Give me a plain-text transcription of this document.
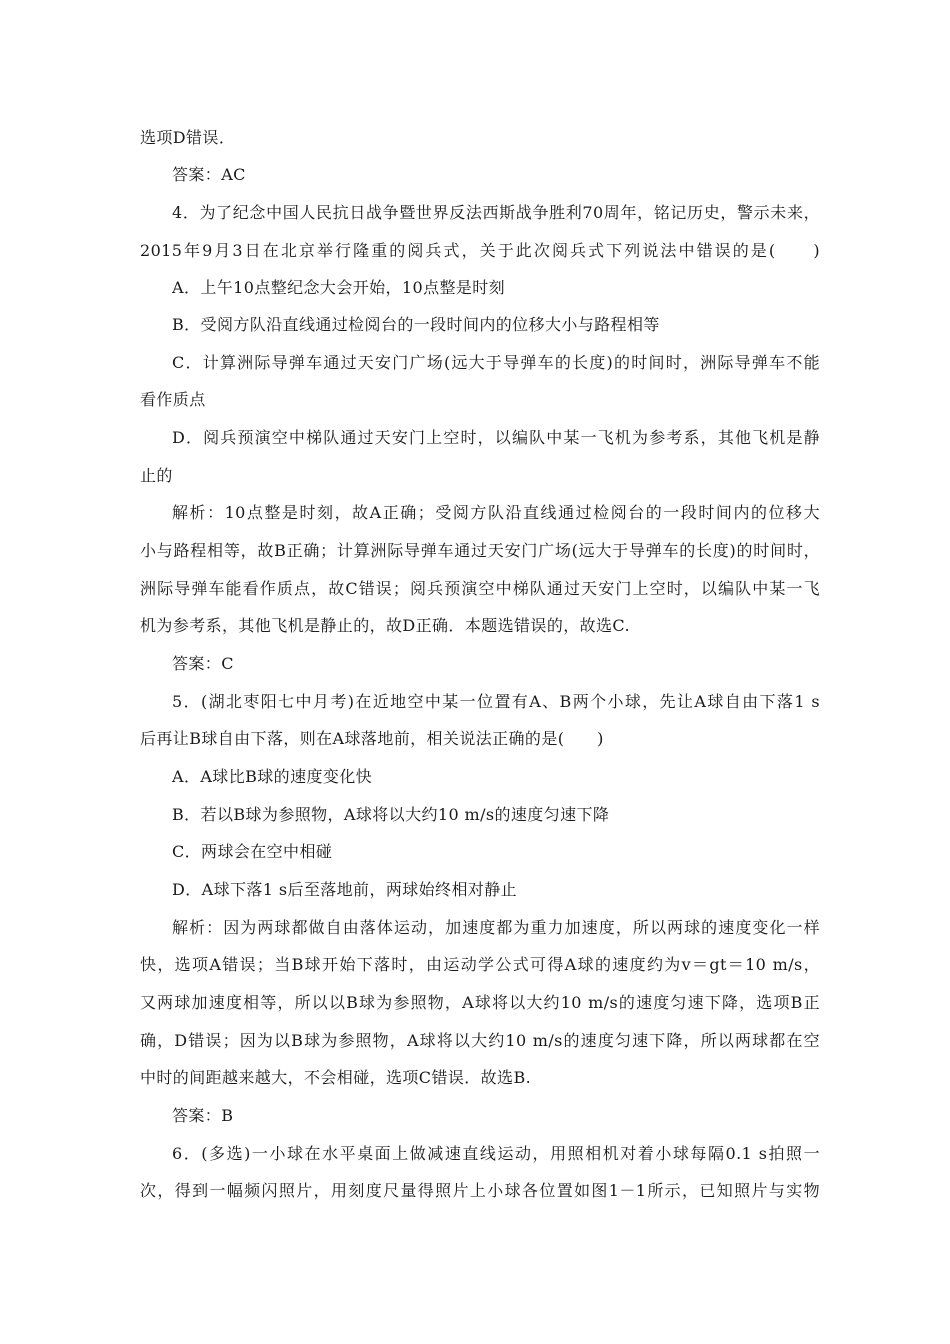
选项D错误．
答案：AC
4．为了纪念中国人民抗日战争暨世界反法西斯战争胜利70周年，铭记历史，警示未来，
2015年9月3日在北京举行隆重的阅兵式，关于此次阅兵式下列说法中错误的是(　　)
A．上午10点整纪念大会开始，10点整是时刻
B．受阅方队沿直线通过检阅台的一段时间内的位移大小与路程相等
C．计算洲际导弹车通过天安门广场(远大于导弹车的长度)的时间时，洲际导弹车不能
看作质点
D．阅兵预演空中梯队通过天安门上空时，以编队中某一飞机为参考系，其他飞机是静
止的
解析：10点整是时刻，故A正确；受阅方队沿直线通过检阅台的一段时间内的位移大
小与路程相等，故B正确；计算洲际导弹车通过天安门广场(远大于导弹车的长度)的时间时，
洲际导弹车能看作质点，故C错误；阅兵预演空中梯队通过天安门上空时，以编队中某一飞
机为参考系，其他飞机是静止的，故D正确．本题选错误的，故选C.
答案：C
5．(湖北枣阳七中月考)在近地空中某一位置有A、B两个小球，先让A球自由下落1 s
后再让B球自由下落，则在A球落地前，相关说法正确的是(　　)
A．A球比B球的速度变化快
B．若以B球为参照物，A球将以大约10 m/s的速度匀速下降
C．两球会在空中相碰
D．A球下落1 s后至落地前，两球始终相对静止
解析：因为两球都做自由落体运动，加速度都为重力加速度，所以两球的速度变化一样
快，选项A错误；当B球开始下落时，由运动学公式可得A球的速度约为v＝gt＝10 m/s，
又两球加速度相等，所以以B球为参照物，A球将以大约10 m/s的速度匀速下降，选项B正
确，D错误；因为以B球为参照物，A球将以大约10 m/s的速度匀速下降，所以两球都在空
中时的间距越来越大，不会相碰，选项C错误．故选B.
答案：B
6．(多选)一小球在水平桌面上做减速直线运动，用照相机对着小球每隔0.1 s拍照一
次，得到一幅频闪照片，用刻度尺量得照片上小球各位置如图1－1所示，已知照片与实物
